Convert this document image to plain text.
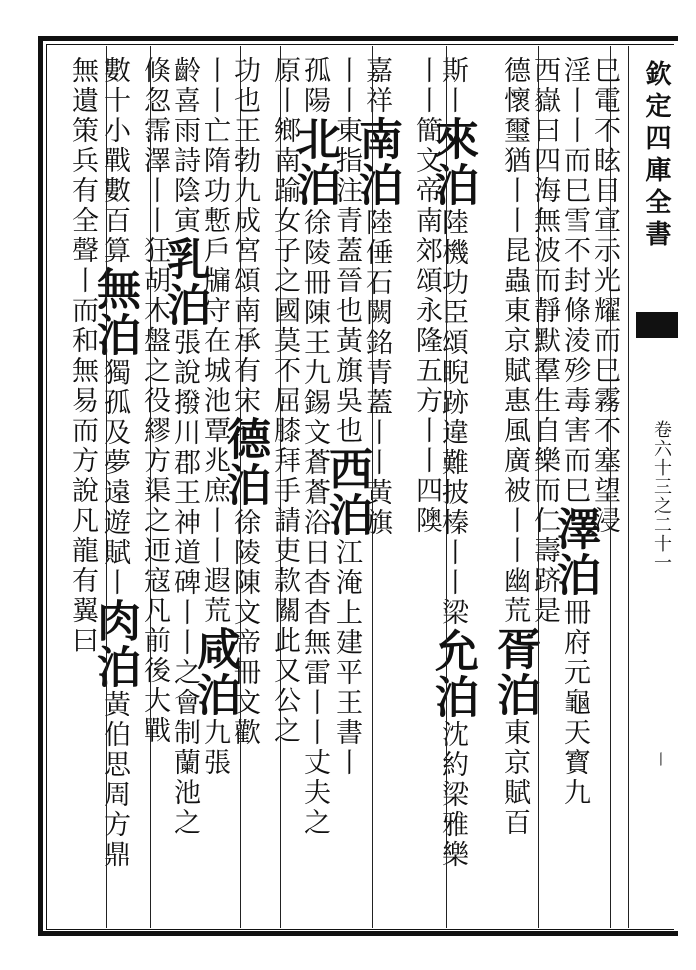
欽定四庫全書
卷六十三之二十一
丨
巳電不眩目宣示光耀而巳霧不塞望浸
淫丨丨而巳雪不封條淩殄毒害而巳澤泊冊府元龜天寳九
西嶽曰四海無波而靜默羣生自樂而仁壽跻是
德懷璽猶丨丨昆蟲東京賦惠風廣被丨丨幽荒胥泊東京賦百
斯丨來泊陸機功臣頌睨跡違難披榛丨丨梁允泊沈約梁雅樂
丨丨簡文帝南郊頌永隆五方丨丨四隩
嘉祥南泊陸倕石闕銘青蓋丨丨黃旗
丨丨東指注青蓋晉也黃旗吳也西泊江淹上建平王書丨
孤陽北泊徐陵冊陳王九錫文蒼蒼浴日杳杳無雷丨丨丈夫之
原丨鄉南踰女子之國莫不屈膝拜手請吏款關此又公之
功也王勃九成宮頌南承有宋德泊徐陵陳文帝冊文歡
丨丨亡隋功慙戶牖守在城池覃兆庶丨丨遐荒咸泊九張
齡喜雨詩陰寅乳泊張說撥川郡王神道碑丨丨之會制蘭池之
倏忽霈澤丨丨狂胡木盤之役繆方渠之迊寇凡前後大戰
數十小戰數百算無泊獨孤及夢遠遊賦丨肉泊黃伯思周方鼎
無遺策兵有全聲丨而和無易而方說凡龍有翼曰
